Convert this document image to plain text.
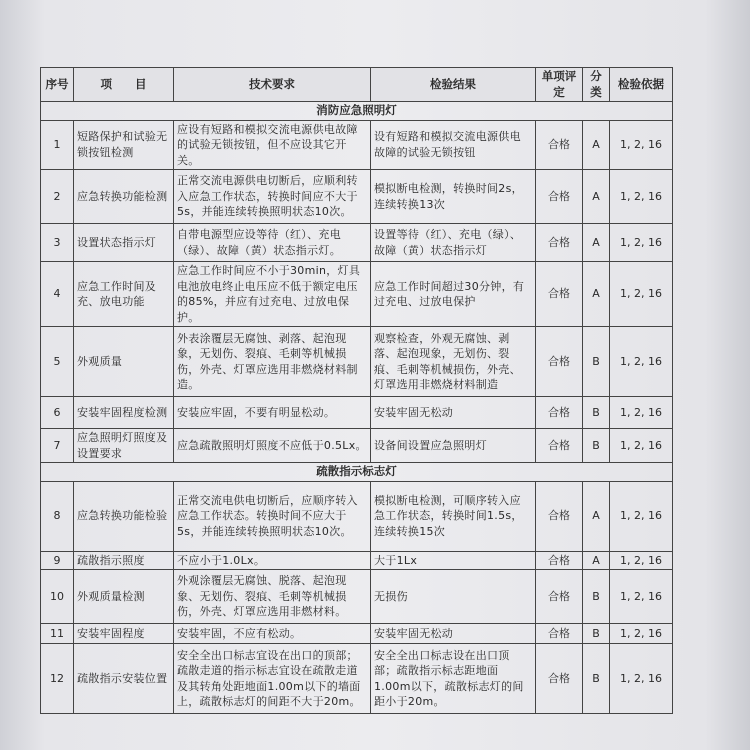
序号	项　　目	技术要求	检验结果	单项评定	分类	检验依据
消防应急照明灯						
1	短路保护和试验无锁按钮检测	应设有短路和模拟交流电源供电故障的试验无锁按钮，但不应设其它开关。	设有短路和模拟交流电源供电故障的试验无锁按钮	合格	A	1, 2, 16
2	应急转换功能检测	正常交流电源供电切断后，应顺利转入应急工作状态，转换时间应不大于5s，并能连续转换照明状态10次。	模拟断电检测，转换时间2s，连续转换13次	合格	A	1, 2, 16
3	设置状态指示灯	自带电源型应设等待（红）、充电（绿）、故障（黄）状态指示灯。	设置等待（红）、充电（绿）、故障（黄）状态指示灯	合格	A	1, 2, 16
4	应急工作时间及充、放电功能	应急工作时间应不小于30min，灯具电池放电终止电压应不低于额定电压的85%，并应有过充电、过放电保护。	应急工作时间超过30分钟，有过充电、过放电保护	合格	A	1, 2, 16
5	外观质量	外表涂覆层无腐蚀、剥落、起泡现象，无划伤、裂痕、毛刺等机械损伤，外壳、灯罩应选用非燃烧材料制造。	观察检查，外观无腐蚀、剥落、起泡现象，无划伤、裂痕、毛刺等机械损伤，外壳、灯罩选用非燃烧材料制造	合格	B	1, 2, 16
6	安装牢固程度检测	安装应牢固，不要有明显松动。	安装牢固无松动	合格	B	1, 2, 16
7	应急照明灯照度及设置要求	应急疏散照明灯照度不应低于0.5Lx。	设备间设置应急照明灯	合格	B	1, 2, 16
疏散指示标志灯						
8	应急转换功能检验	正常交流电供电切断后，应顺序转入应急工作状态。转换时间不应大于5s，并能连续转换照明状态10次。	模拟断电检测，可顺序转入应急工作状态，转换时间1.5s，连续转换15次	合格	A	1, 2, 16
9	疏散指示照度	不应小于1.0Lx。	大于1Lx	合格	A	1, 2, 16
10	外观质量检测	外观涂覆层无腐蚀、脱落、起泡现象、无划伤、裂痕、毛刺等机械损伤，外壳、灯罩应选用非燃材料。	无损伤	合格	B	1, 2, 16
11	安装牢固程度	安装牢固，不应有松动。	安装牢固无松动	合格	B	1, 2, 16
12	疏散指示安装位置	安全全出口标志宜设在出口的顶部；疏散走道的指示标志宜设在疏散走道及其转角处距地面1.00m以下的墙面上，疏散标志灯的间距不大于20m。	安全全出口标志设在出口顶部；疏散指示标志距地面1.00m以下，疏散标志灯的间距小于20m。	合格	B	1, 2, 16
